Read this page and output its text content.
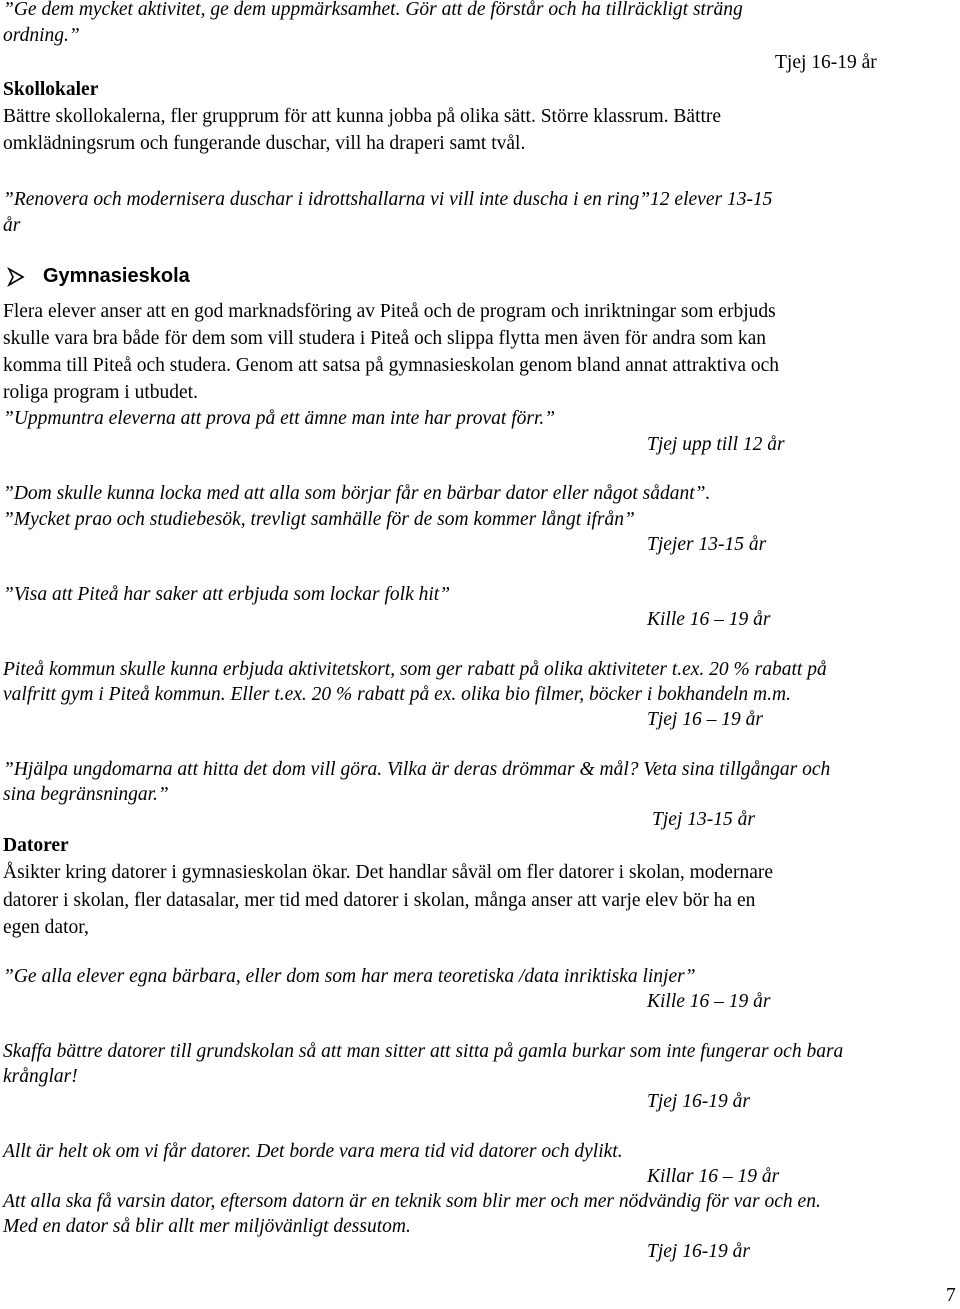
”Ge dem mycket aktivitet, ge dem uppmärksamhet. Gör att de förstår och ha tillräckligt sträng
ordning.”
Tjej 16-19 år
Skollokaler
Bättre skollokalerna, fler grupprum för att kunna jobba på olika sätt. Större klassrum. Bättre
omklädningsrum och fungerande duschar, vill ha draperi samt tvål.
”Renovera och modernisera duschar i idrottshallarna vi vill inte duscha i en ring”12 elever 13-15
år
Gymnasieskola
Flera elever anser att en god marknadsföring av Piteå och de program och inriktningar som erbjuds
skulle vara bra både för dem som vill studera i Piteå och slippa flytta men även för andra som kan
komma till Piteå och studera. Genom att satsa på gymnasieskolan genom bland annat attraktiva och
roliga program i utbudet.
”Uppmuntra eleverna att prova på ett ämne man inte har provat förr.”
Tjej upp till 12 år
”Dom skulle kunna locka med att alla som börjar får en bärbar dator eller något sådant”.
”Mycket prao och studiebesök, trevligt samhälle för de som kommer långt ifrån”
Tjejer 13-15 år
”Visa att Piteå har saker att erbjuda som lockar folk hit”
Kille 16 – 19 år
Piteå kommun skulle kunna erbjuda aktivitetskort, som ger rabatt på olika aktiviteter t.ex. 20 % rabatt på
valfritt gym i Piteå kommun. Eller t.ex. 20 % rabatt på ex. olika bio filmer, böcker i bokhandeln m.m.
Tjej 16 – 19 år
”Hjälpa ungdomarna att hitta det dom vill göra. Vilka är deras drömmar & mål? Veta sina tillgångar och
sina begränsningar.”
Tjej 13-15 år
Datorer
Åsikter kring datorer i gymnasieskolan ökar. Det handlar såväl om fler datorer i skolan, modernare
datorer i skolan, fler datasalar, mer tid med datorer i skolan, många anser att varje elev bör ha en
egen dator,
”Ge alla elever egna bärbara, eller dom som har mera teoretiska /data inriktiska linjer”
Kille 16 – 19 år
Skaffa bättre datorer till grundskolan så att man sitter att sitta på gamla burkar som inte fungerar och bara
krånglar!
Tjej 16-19 år
Allt är helt ok om vi får datorer. Det borde vara mera tid vid datorer och dylikt.
Killar 16 – 19 år
Att alla ska få varsin dator, eftersom datorn är en teknik som blir mer och mer nödvändig för var och en.
Med en dator så blir allt mer miljövänligt dessutom.
Tjej 16-19 år
7
